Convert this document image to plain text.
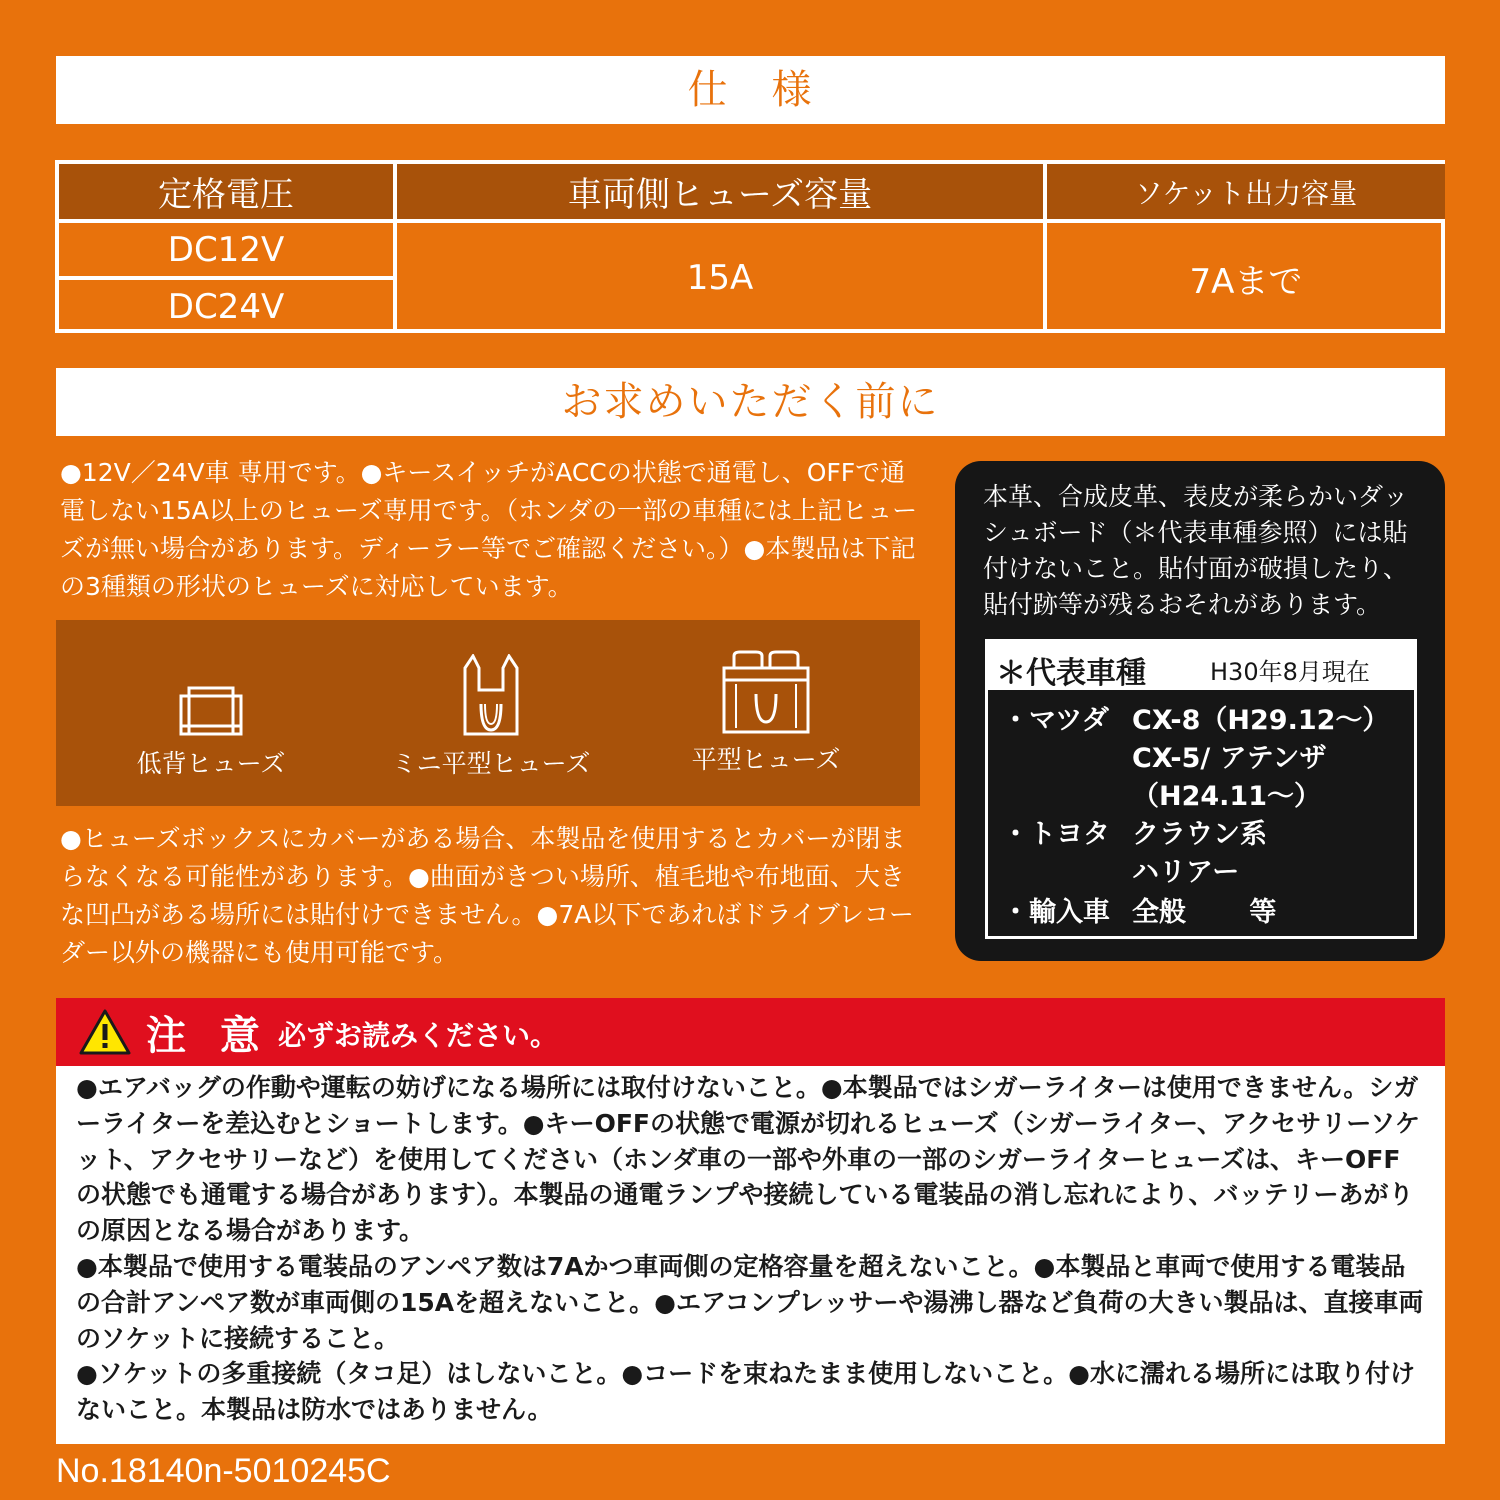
仕　様
定格電圧	車両側ヒューズ容量	ソケット出力容量
DC12V
DC24V
15A	7Aまで
お求めいただく前に
●12V／24V車 専用です。●キースイッチがACCの状態で通電し、OFFで通電しない15A以上のヒューズ専用です。（ホンダの一部の車種には上記ヒューズが無い場合があります。ディーラー等でご確認ください。）●本製品は下記の3種類の形状のヒューズに対応しています。
低背ヒューズ	ミニ平型ヒューズ	平型ヒューズ
●ヒューズボックスにカバーがある場合、本製品を使用するとカバーが閉まらなくなる可能性があります。●曲面がきつい場所、植毛地や布地面、大きな凹凸がある場所には貼付けできません。●7A以下であればドライブレコーダー以外の機器にも使用可能です。
本革、合成皮革、表皮が柔らかいダッシュボード（＊代表車種参照）には貼付けないこと。貼付面が破損したり、貼付跡等が残るおそれがあります。
＊代表車種	H30年8月現在
・マツダ CX-8（H29.12～）
CX-5/ アテンザ
（H24.11～）
・トヨタ クラウン系
ハリアー
・輸入車 全般　　 等
注 意 必ずお読みください。

●エアバッグの作動や運転の妨げになる場所には取付けないこと。●本製品ではシガーライターは使用できません。シガーライターを差込むとショートします。●キーOFFの状態で電源が切れるヒューズ（シガーライター、アクセサリーソケット、アクセサリーなど）を使用してください（ホンダ車の一部や外車の一部のシガーライターヒューズは、キーOFFの状態でも通電する場合があります）。本製品の通電ランプや接続している電装品の消し忘れにより、バッテリーあがりの原因となる場合があります。

●本製品で使用する電装品のアンペア数は7Aかつ車両側の定格容量を超えないこと。●本製品と車両で使用する電装品の合計アンペア数が車両側の15Aを超えないこと。●エアコンプレッサーや湯沸し器など負荷の大きい製品は、直接車両のソケットに接続すること。

●ソケットの多重接続（タコ足）はしないこと。●コードを束ねたまま使用しないこと。●水に濡れる場所には取り付けないこと。本製品は防水ではありません。

No.18140n-5010245C
